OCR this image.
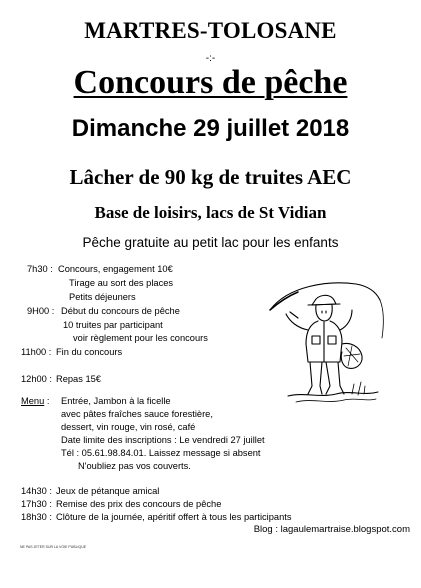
MARTRES-TOLOSANE
-:-
Concours de pêche
Dimanche 29 juillet 2018
Lâcher de 90 kg de truites AEC
Base de loisirs, lacs de St Vidian
Pêche gratuite au petit lac pour les enfants
7h30 : Concours, engagement 10€
Tirage au sort des places
Petits déjeuners
9H00 : Début du concours de pêche
10 truites par participant
voir règlement pour les concours
11h00 : Fin du concours
12h00 : Repas 15€
Menu : Entrée, Jambon à la ficelle
avec pâtes fraîches sauce forestière,
dessert, vin rouge, vin rosé, café
Date limite des inscriptions : Le vendredi 27 juillet
Tél : 05.61.98.84.01. Laissez message si absent
N'oubliez pas vos couverts.
14h30 : Jeux de pétanque amical
17h30 : Remise des prix des concours de pêche
18h30 : Clôture de la journée, apéritif offert à tous les participants
Blog : lagaulemartraise.blogspot.com
NE PAS JETER SUR LA VOIE PUBLIQUE
